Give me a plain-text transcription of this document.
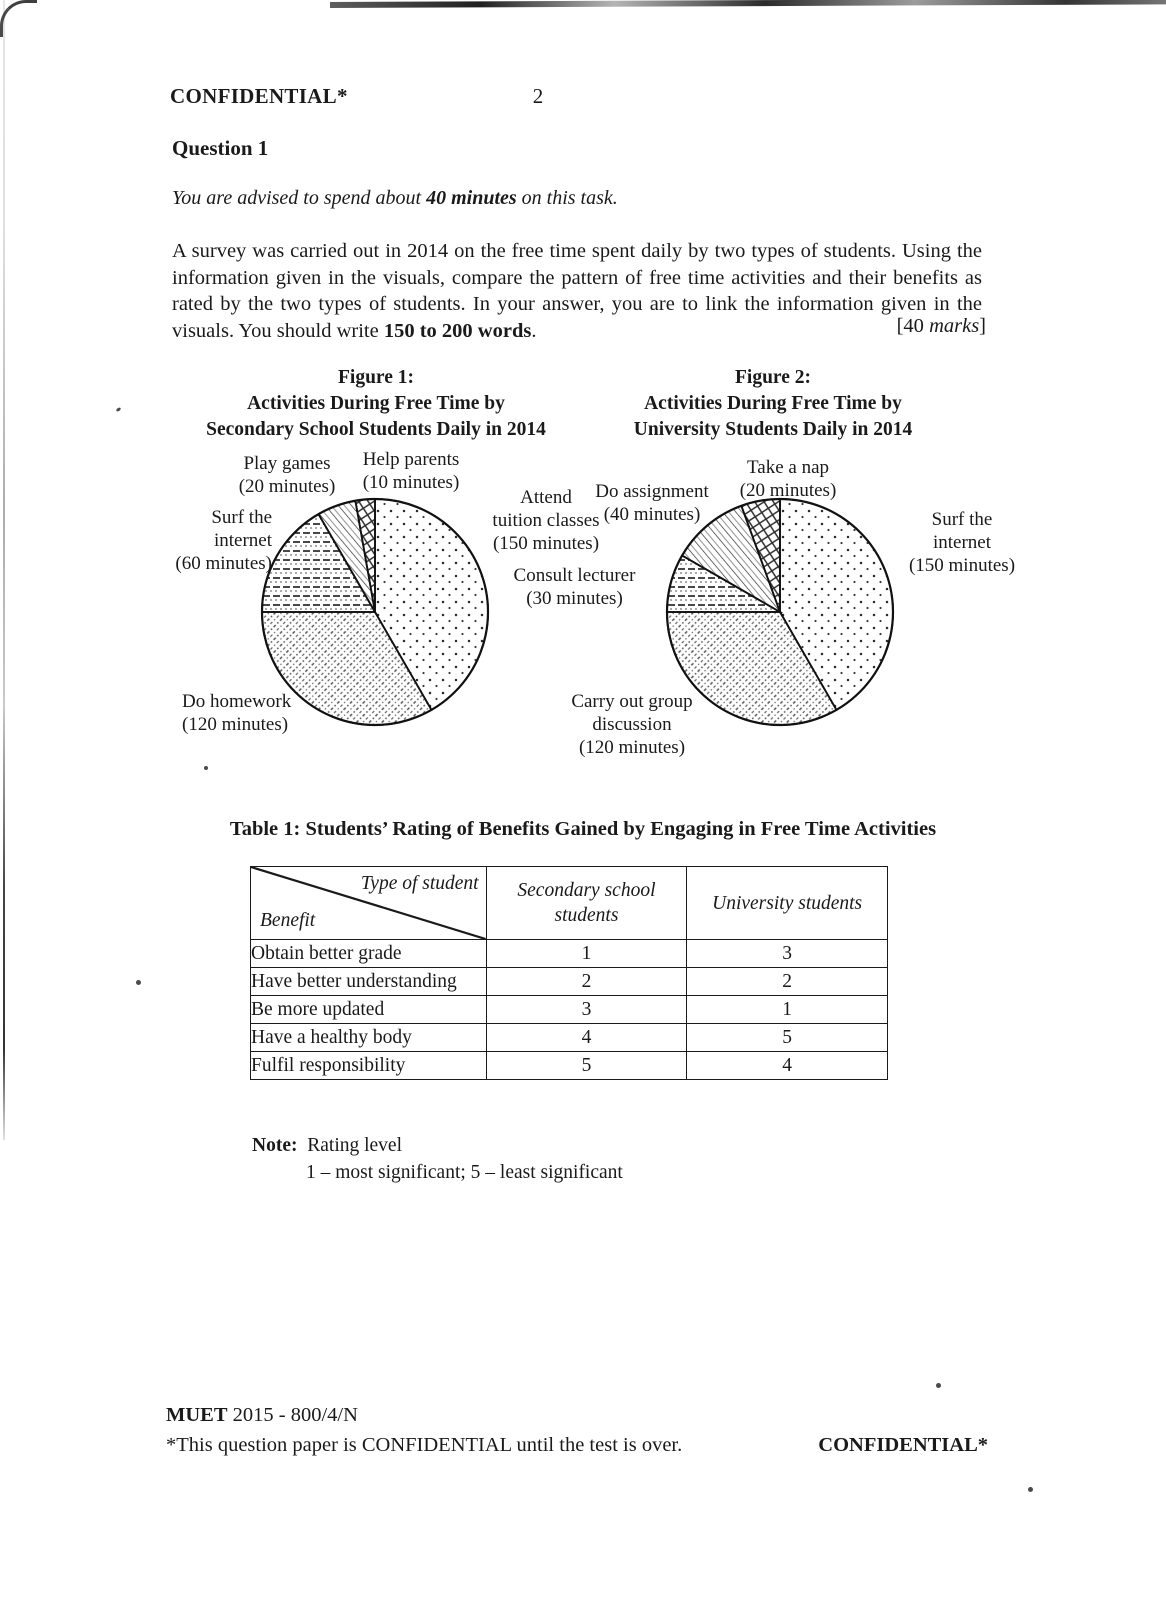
CONFIDENTIAL*	2
Question 1
You are advised to spend about 40 minutes on this task.
A survey was carried out in 2014 on the free time spent daily by two types of students. Using the information given in the visuals, compare the pattern of free time activities and their benefits as rated by the two types of students. In your answer, you are to link the information given in the visuals. You should write 150 to 200 words.	[40 marks]
Figure 1:
Activities During Free Time by
Secondary School Students Daily in 2014
Figure 2:
Activities During Free Time by
University Students Daily in 2014
Play games
(20 minutes)
Help parents
(10 minutes)
Surf the
internet
(60 minutes)
Attend
tuition classes
(150 minutes)
Do homework
(120 minutes)
Do assignment
(40 minutes)
Take a nap
(20 minutes)
Consult lecturer
(30 minutes)
Surf the
internet
(150 minutes)
Carry out group
discussion
(120 minutes)
Table 1: Students’ Rating of Benefits Gained by Engaging in Free Time Activities
Type of student
Benefit

Secondary school
students
	University students
Obtain better grade	1	3
Have better understanding	2	2
Be more updated	3	1
Have a healthy body	4	5
Fulfil responsibility	5	4
Note: Rating level
1 – most significant; 5 – least significant
MUET 2015 - 800/4/N
*This question paper is CONFIDENTIAL until the test is over.	CONFIDENTIAL*
